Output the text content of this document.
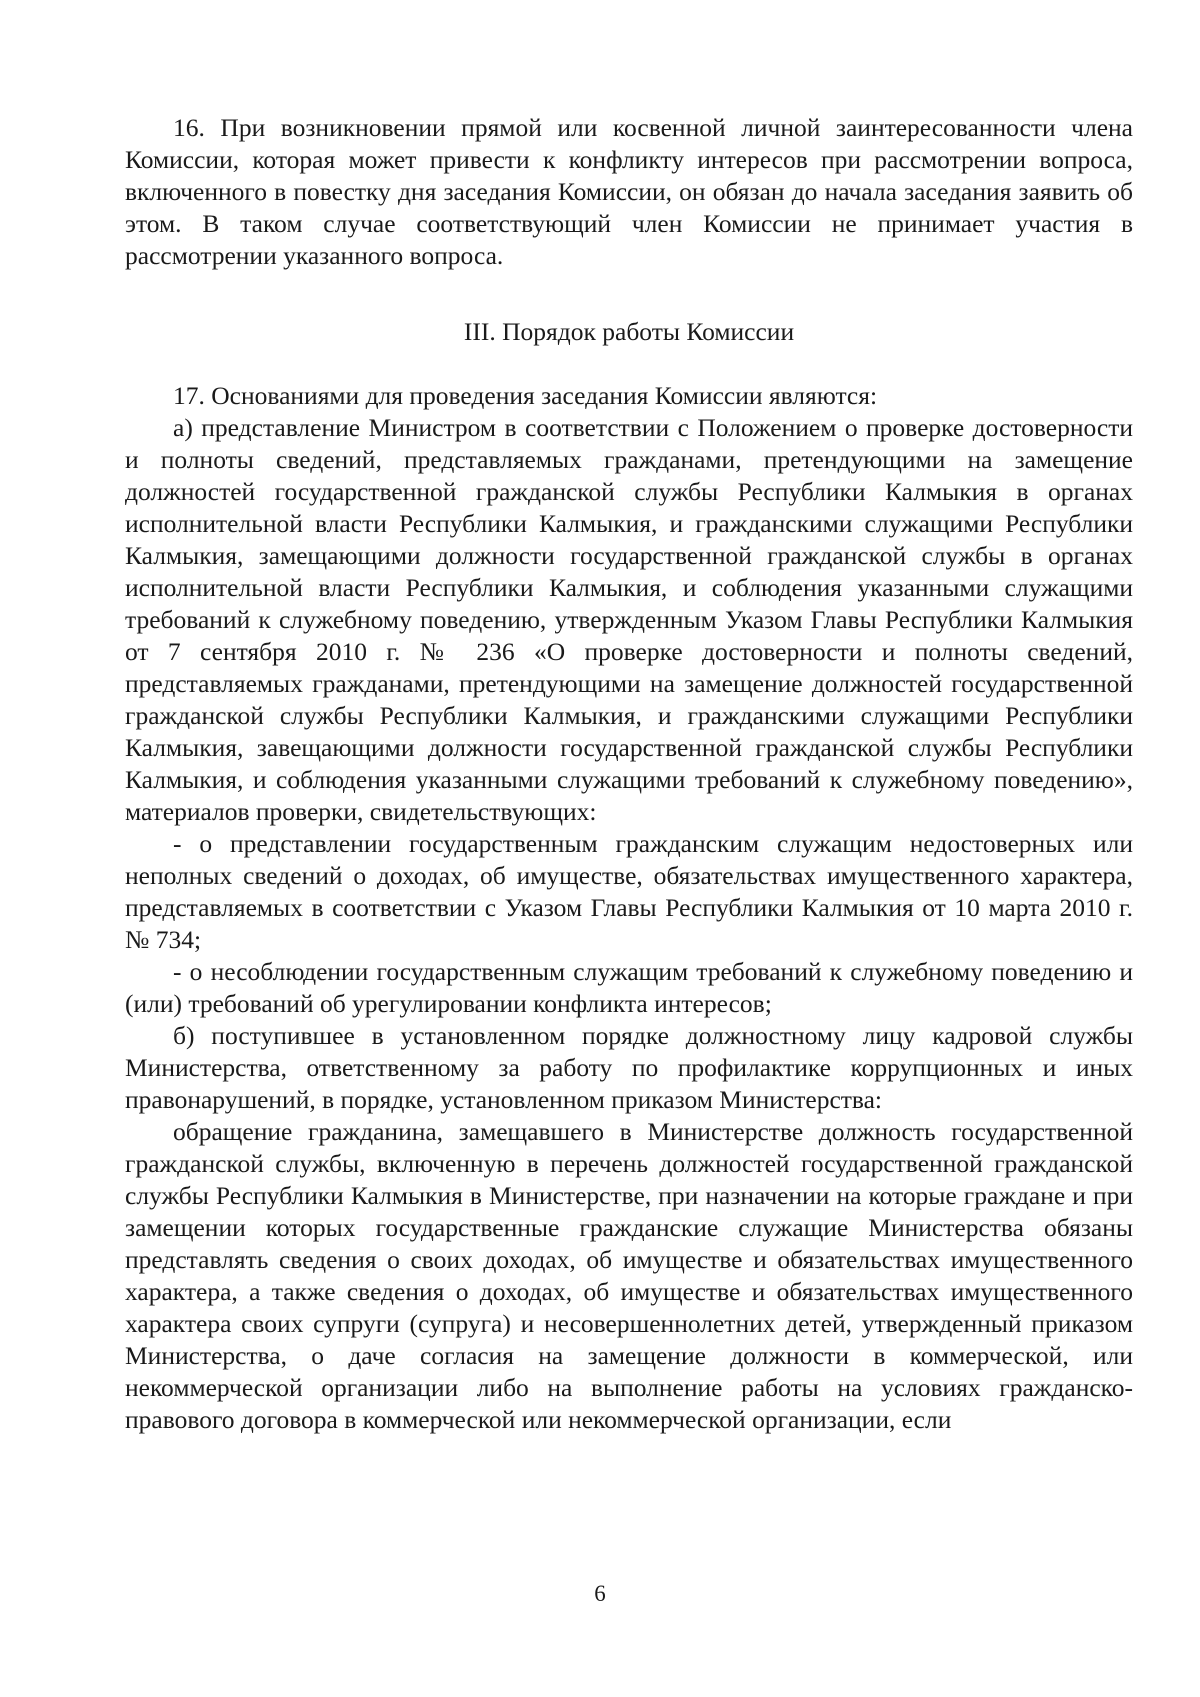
16. При возникновении прямой или косвенной личной заинтересованности члена Комиссии, которая может привести к конфликту интересов при рассмотрении вопроса, включенного в повестку дня заседания Комиссии, он обязан до начала заседания заявить об этом. В таком случае соответствующий член Комиссии не принимает участия в рассмотрении указанного вопроса.

III. Порядок работы Комиссии

17. Основаниями для проведения заседания Комиссии являются:

а) представление Министром в соответствии с Положением о проверке достоверности и полноты сведений, представляемых гражданами, претендующими на замещение должностей государственной гражданской службы Республики Калмыкия в органах исполнительной власти Республики Калмыкия, и гражданскими служащими Республики Калмыкия, замещающими должности государственной гражданской службы в органах исполнительной власти Республики Калмыкия, и соблюдения указанными служащими требований к служебному поведению, утвержденным Указом Главы Республики Калмыкия от 7 сентября 2010 г. № 236 «О проверке достоверности и полноты сведений, представляемых гражданами, претендующими на замещение должностей государственной гражданской службы Республики Калмыкия, и гражданскими служащими Республики Калмыкия, завещающими должности государственной гражданской службы Республики Калмыкия, и соблюдения указанными служащими требований к служебному поведению», материалов проверки, свидетельствующих:

- о представлении государственным гражданским служащим недостоверных или неполных сведений о доходах, об имуществе, обязательствах имущественного характера, представляемых в соответствии с Указом Главы Республики Калмыкия от 10 марта 2010 г. № 734;

- о несоблюдении государственным служащим требований к служебному поведению и (или) требований об урегулировании конфликта интересов;

б) поступившее в установленном порядке должностному лицу кадровой службы Министерства, ответственному за работу по профилактике коррупционных и иных правонарушений, в порядке, установленном приказом Министерства:

обращение гражданина, замещавшего в Министерстве должность государственной гражданской службы, включенную в перечень должностей государственной гражданской службы Республики Калмыкия в Министерстве, при назначении на которые граждане и при замещении которых государственные гражданские служащие Министерства обязаны представлять сведения о своих доходах, об имуществе и обязательствах имущественного характера, а также сведения о доходах, об имуществе и обязательствах имущественного характера своих супруги (супруга) и несовершеннолетних детей, утвержденный приказом Министерства, о даче согласия на замещение должности в коммерческой, или некоммерческой организации либо на выполнение работы на условиях гражданско-правового договора в коммерческой или некоммерческой организации, если

6
